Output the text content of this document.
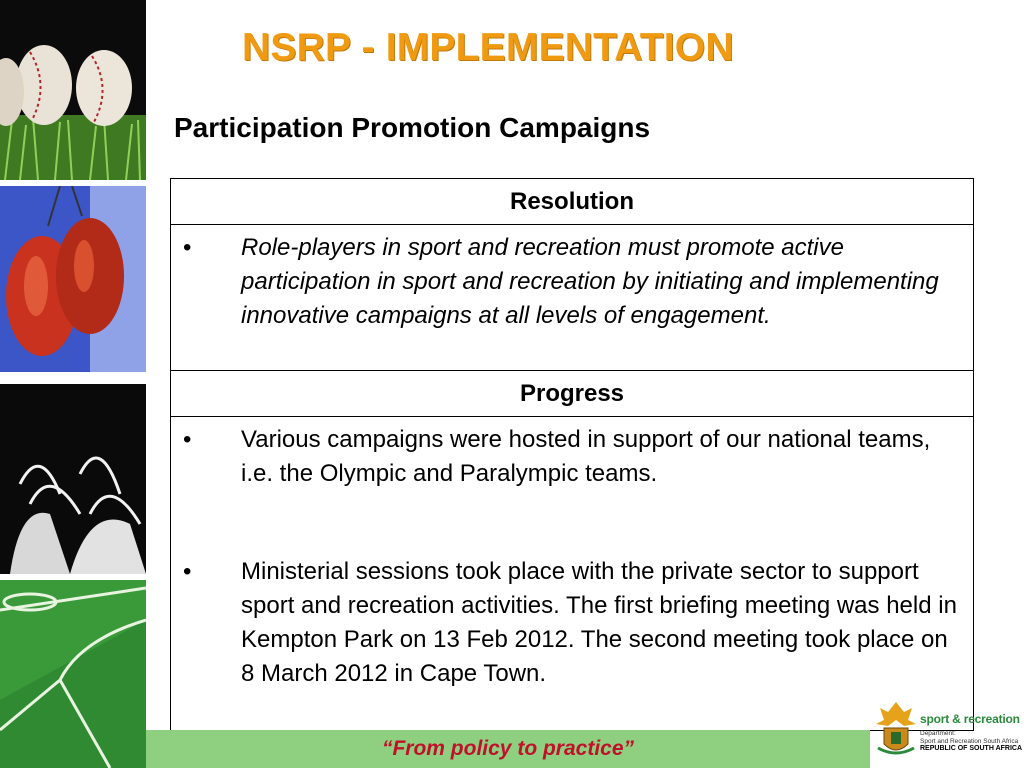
NSRP - IMPLEMENTATION
Participation Promotion Campaigns
Resolution
•	Role-players in sport and recreation must promote active participation in sport and recreation by initiating and implementing innovative campaigns at all levels of engagement.
Progress
•	Various campaigns were hosted in support of our national teams, i.e. the Olympic and Paralympic teams.
•	Ministerial sessions took place with the private sector to support sport and recreation activities. The first briefing meeting was held in Kempton Park on 13 Feb 2012. The second meeting took place on 8 March 2012 in Cape Town.
“From policy to practice”
sport & recreation
Department:
Sport and Recreation South Africa
REPUBLIC OF SOUTH AFRICA
